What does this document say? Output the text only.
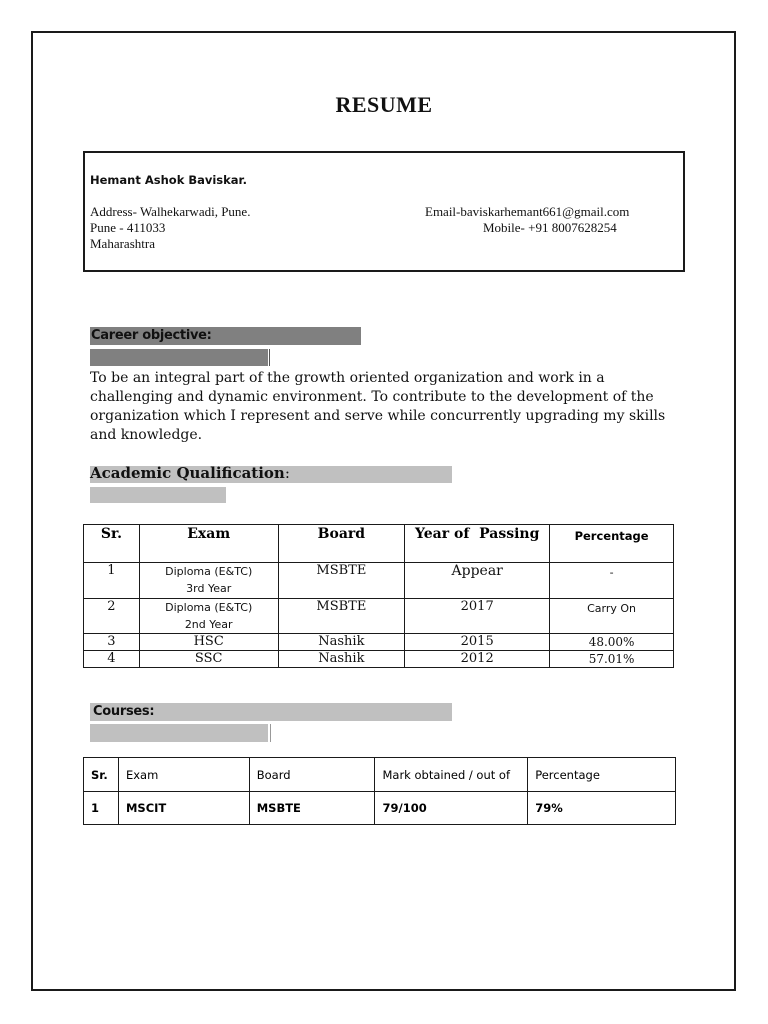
RESUME
Hemant Ashok Baviskar.
Address- Walhekarwadi, Pune.
Pune - 411033
Maharashtra
Email-baviskarhemant661@gmail.com
Mobile- +91 8007628254
Career objective:
To be an integral part of the growth oriented organization and work in a challenging and dynamic environment. To contribute to the development of the organization which I represent and serve while concurrently upgrading my skills and knowledge.
Academic Qualification:
Sr.	Exam	Board	Year of  Passing	Percentage
1	Diploma (E&TC)
3rd Year	MSBTE	Appear	-
2	Diploma (E&TC)
2nd Year	MSBTE	2017	Carry On
3	HSC	Nashik	2015	48.00%
4	SSC	Nashik	2012	57.01%
Courses:
Sr.	Exam	Board	Mark obtained / out of	Percentage
1	MSCIT	MSBTE	79/100	79%
